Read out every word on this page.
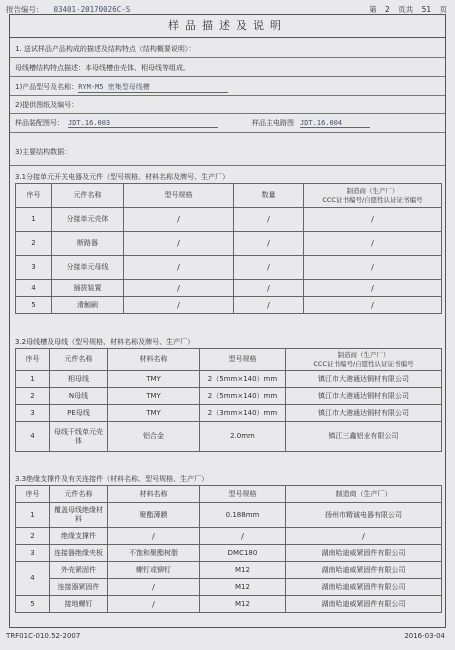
报告编号： 03401-20170026C-S	第 2 页共 51 页
样品描述及说明
1. 送试样品产品构成的描述及结构特点（结构概要说明）：
母线槽结构特点描述：本母线槽由壳体、相母线等组成。
1)产品型号及名称：RYM-M5 密集型母线槽
2)提供图纸及编号：
样品装配图号： JDT.16.003	样品主电路图 JDT.16.004
3)主要结构数据：
3.1分接单元开关电器及元件（型号规格、材料名称及牌号、生产厂）
序号	元件名称	型号规格	数量	制造商（生产厂）
CCC证书编号/自愿性认证证书编号

1	分接单元壳体	/	/	/
2	断路器	/	/	/
3	分接单元母线	/	/	/
4	插拔装置	/	/	/
5	滑触刷	/	/	/
3.2母线槽及母线（型号规格、材料名称及牌号、生产厂）
序号	元件名称	材料名称	型号规格	制造商（生产厂）
CCC证书编号/自愿性认证证书编号

1	相母线	TMY	2（5mm×140）mm	镇江市大港通达铜材有限公司
2	N母线	TMY	2（5mm×140）mm	镇江市大港通达铜材有限公司
3	PE母线	TMY	2（3mm×140）mm	镇江市大港通达铜材有限公司
4	母线干线单元壳体	铝合金	2.0mm	镇江三鑫铝业有限公司
3.3绝缘支撑件及有关连接件（材料名称、型号规格、生产厂）
序号	元件名称	材料名称	型号规格	制造商（生产厂）
1	覆盖母线绝缘材料	聚酯薄膜	0.188mm	扬州市精诚电器有限公司
2	绝缘支撑件	/	/	/
3	连接器绝缘夹板	不饱和聚酯树脂	DMC180	湖南哈迪威紧固件有限公司
4	外壳紧固件	螺钉或铆钉	M12	湖南哈迪威紧固件有限公司
	连接器紧固件	/	M12	湖南哈迪威紧固件有限公司
5	接地螺钉	/	M12	湖南哈迪威紧固件有限公司
TRF01C-010.52-2007	2016-03-04
